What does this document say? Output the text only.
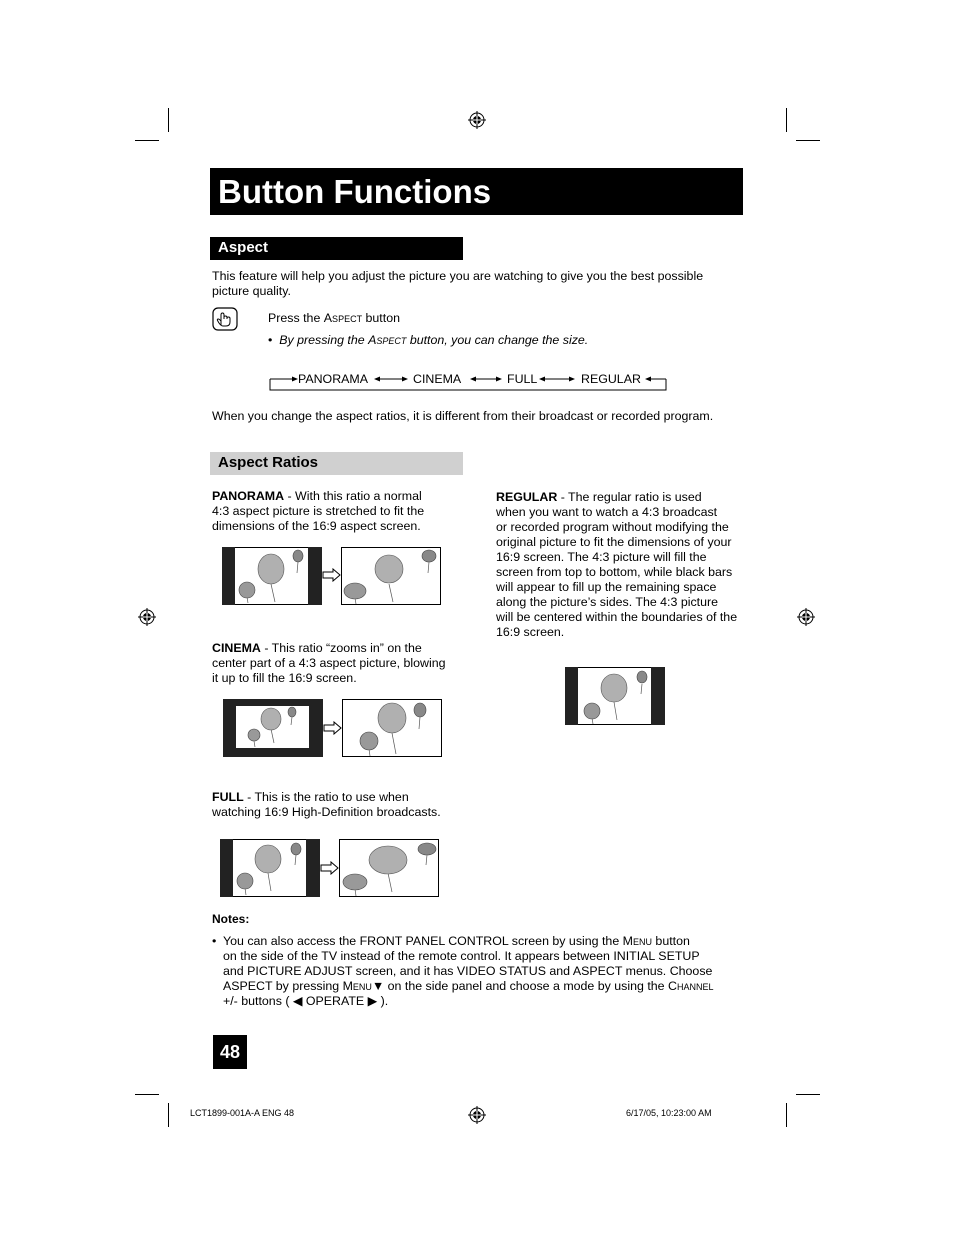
Button Functions
Aspect
This feature will help you adjust the picture you are watching to give you the best possible
picture quality.
Press the Aspect button
•  By pressing the Aspect button, you can change the size.
PANORAMA	CINEMA	FULL	REGULAR
When you change the aspect ratios, it is different from their broadcast or recorded program.
Aspect Ratios
PANORAMA - With this ratio a normal
4:3 aspect picture is stretched to fit the
dimensions of the 16:9 aspect screen.
CINEMA - This ratio “zooms in” on the
center part of a 4:3 aspect picture, blowing
it up to fill the 16:9 screen.
FULL - This is the ratio to use when
watching 16:9 High-Definition broadcasts.
REGULAR - The regular ratio is used
when you want to watch a 4:3 broadcast
or recorded program without modifying the
original picture to fit the dimensions of your
16:9 screen. The 4:3 picture will fill the
screen from top to bottom, while black bars
will appear to fill up the remaining space
along the picture’s sides. The 4:3 picture
will be centered within the boundaries of the
16:9 screen.
Notes:
• You can also access the FRONT PANEL CONTROL screen by using the Menu button
on the side of the TV instead of the remote control. It appears between INITIAL SETUP
and PICTURE ADJUST screen, and it has VIDEO STATUS and ASPECT menus. Choose
ASPECT by pressing Menu▼ on the side panel and choose a mode by using the Channel
+/- buttons ( ◀ OPERATE ▶ ).
48
LCT1899-001A-A ENG 48	6/17/05, 10:23:00 AM
